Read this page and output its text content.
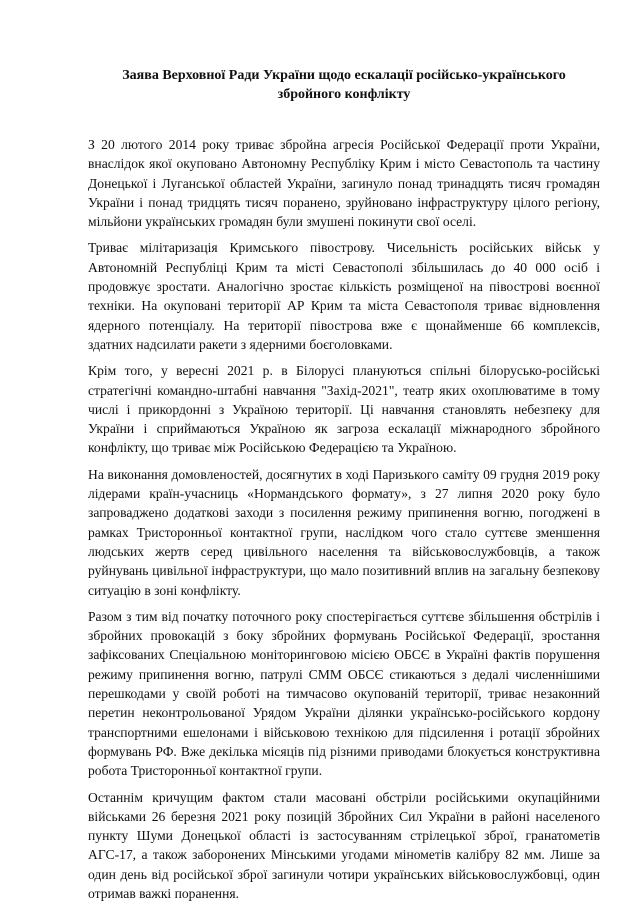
Заява Верховної Ради України щодо ескалації російсько-українського збройного конфлікту

З 20 лютого 2014 року триває збройна агресія Російської Федерації проти України, внаслідок якої окуповано Автономну Республіку Крим і місто Севастополь та частину Донецької і Луганської областей України, загинуло понад тринадцять тисяч громадян України і понад тридцять тисяч поранено, зруйновано інфраструктуру цілого регіону, мільйони українських громадян були змушені покинути свої оселі.

Триває мілітаризація Кримського півострову. Чисельність російських військ у Автономній Республіці Крим та місті Севастополі збільшилась до 40 000 осіб і продовжує зростати. Аналогічно зростає кількість розміщеної на півострові воєнної техніки. На окуповані території АР Крим та міста Севастополя триває відновлення ядерного потенціалу. На території півострова вже є щонайменше 66 комплексів, здатних надсилати ракети з ядерними боєголовками.

Крім того, у вересні 2021 р. в Білорусі плануються спільні білорусько-російські стратегічні командно-штабні навчання "Захід-2021", театр яких охоплюватиме в тому числі і прикордонні з Україною території. Ці навчання становлять небезпеку для України і сприймаються Україною як загроза ескалації міжнародного збройного конфлікту, що триває між Російською Федерацією та Україною.

На виконання домовленостей, досягнутих в ході Паризького саміту 09 грудня 2019 року лідерами країн-учасниць «Нормандського формату», з 27 липня 2020 року було запроваджено додаткові заходи з посилення режиму припинення вогню, погоджені в рамках Тристоронньої контактної групи, наслідком чого стало суттєве зменшення людських жертв серед цивільного населення та військовослужбовців, а також руйнувань цивільної інфраструктури, що мало позитивний вплив на загальну безпекову ситуацію в зоні конфлікту.

Разом з тим від початку поточного року спостерігається суттєве збільшення обстрілів і збройних провокацій з боку збройних формувань Російської Федерації, зростання зафіксованих Спеціальною моніторинговою місією ОБСЄ в Україні фактів порушення режиму припинення вогню, патрулі СММ ОБСЄ стикаються з дедалі численнішими перешкодами у своїй роботі на тимчасово окупованій території, триває незаконний перетин неконтрольованої Урядом України ділянки українсько-російського кордону транспортними ешелонами і військовою технікою для підсилення і ротації збройних формувань РФ. Вже декілька місяців під різними приводами блокується конструктивна робота Тристоронньої контактної групи.

Останнім кричущим фактом стали масовані обстріли російськими окупаційними військами 26 березня 2021 року позицій Збройних Сил України в районі населеного пункту Шуми Донецької області із застосуванням стрілецької зброї, гранатометів АГС-17, а також заборонених Мінськими угодами мінометів калібру 82 мм. Лише за один день від російської зброї загинули чотири українських військовослужбовці, один отримав важкі поранення.
